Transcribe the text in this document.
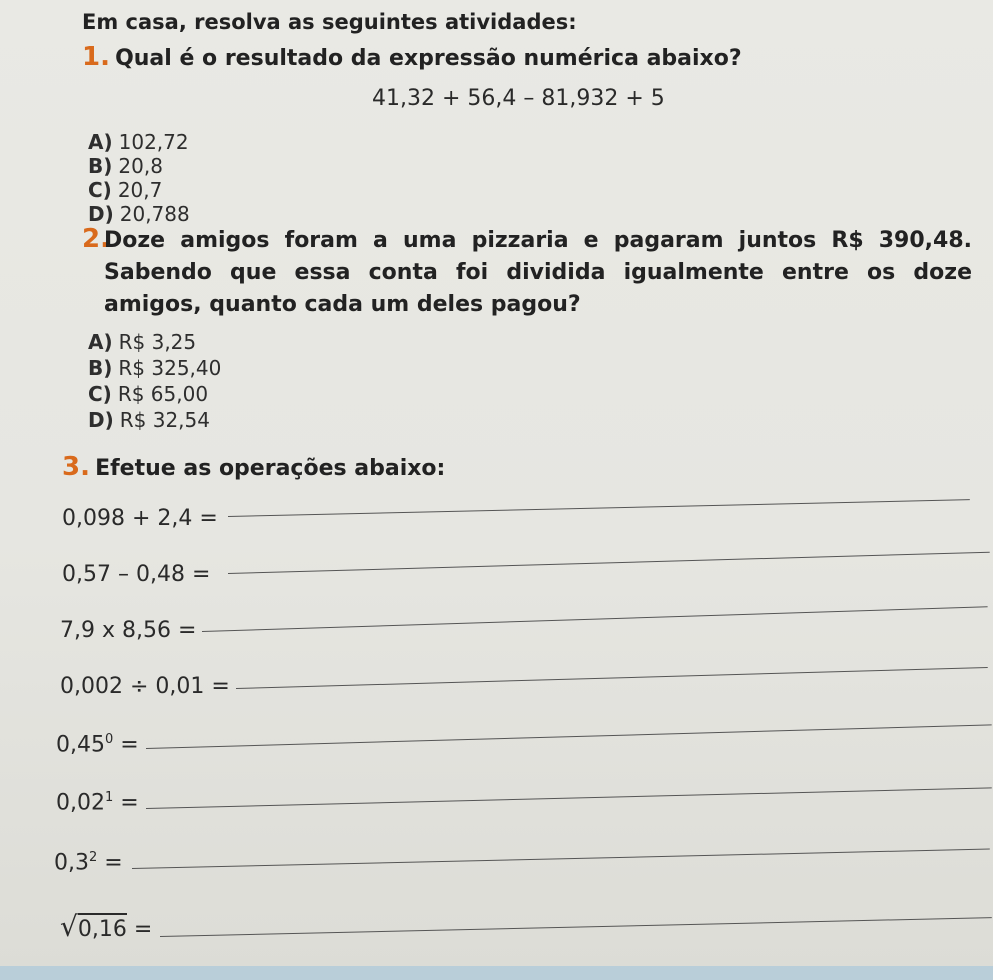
Em casa, resolva as seguintes atividades:
1. Qual é o resultado da expressão numérica abaixo?
41,32 + 56,4 – 81,932 + 5
A) 102,72
B) 20,8
C) 20,7
D) 20,788
2.
Doze amigos foram a uma pizzaria e pagaram juntos R$ 390,48.
Sabendo que essa conta foi dividida igualmente entre os doze
amigos, quanto cada um deles pagou?
A) R$ 3,25
B) R$ 325,40
C) R$ 65,00
D) R$ 32,54
3. Efetue as operações abaixo:
0,098 + 2,4 =
0,57 – 0,48 =
7,9 x 8,56 =
0,002 ÷ 0,01 =
$0,45^0$ =
$0,02^1$ =
$0,3^2$ =
√0,16 =
